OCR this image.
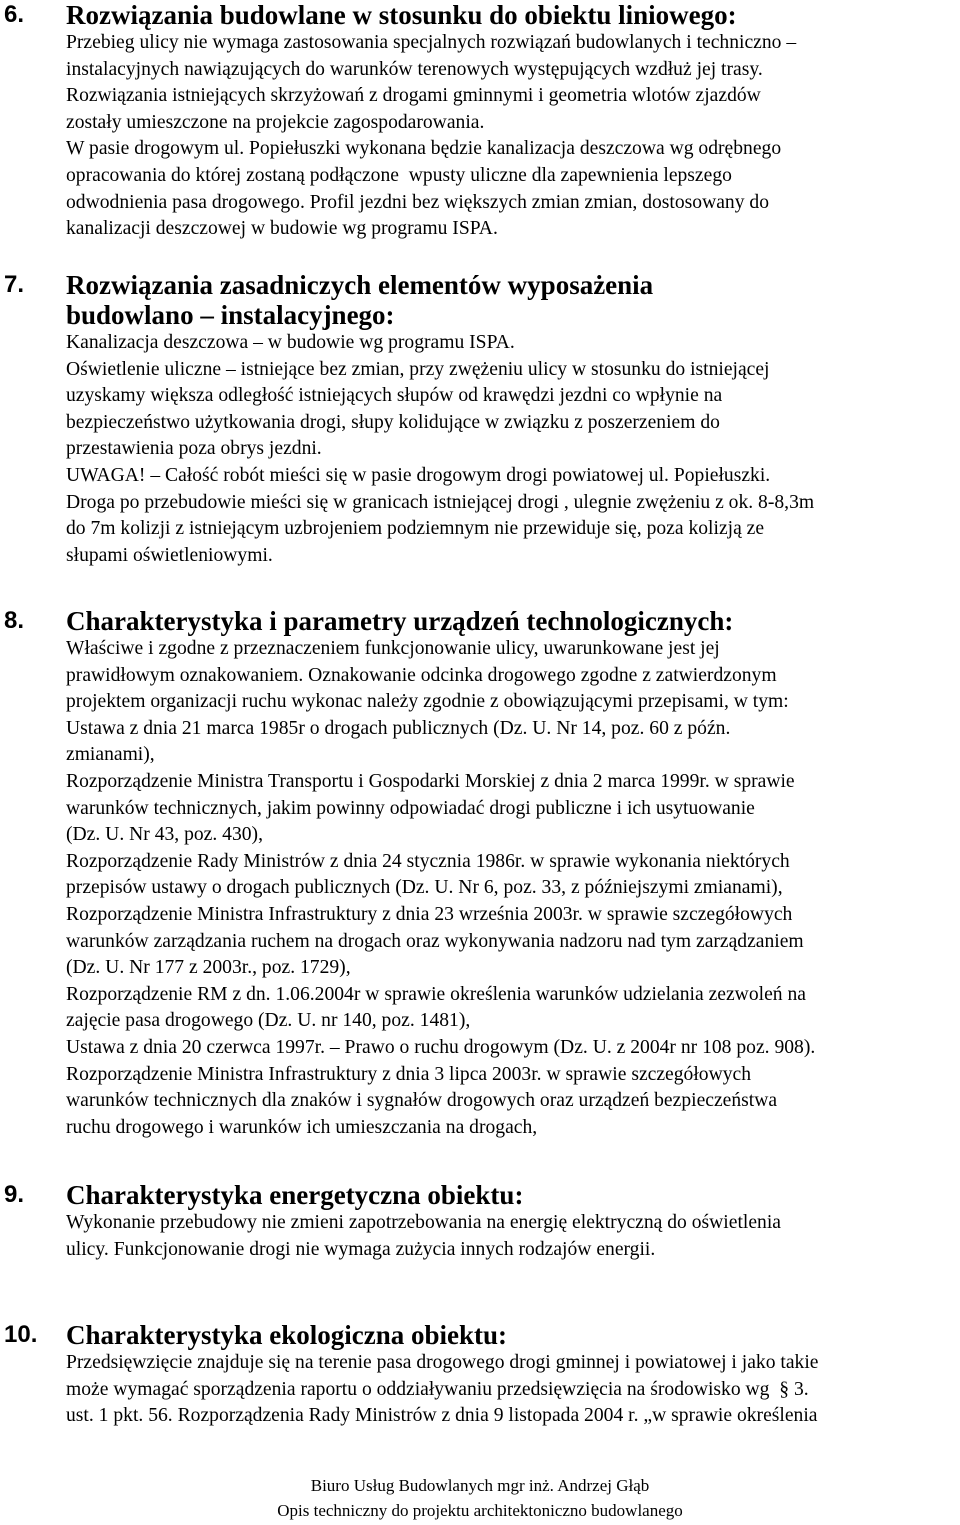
6. Rozwiązania budowlane w stosunku do obiektu liniowego:
Przebieg ulicy nie wymaga zastosowania specjalnych rozwiązań budowlanych i techniczno –
instalacyjnych nawiązujących do warunków terenowych występujących wzdłuż jej trasy.
Rozwiązania istniejących skrzyżowań z drogami gminnymi i geometria wlotów zjazdów
zostały umieszczone na projekcie zagospodarowania.
W pasie drogowym ul. Popiełuszki wykonana będzie kanalizacja deszczowa wg odrębnego
opracowania do której zostaną podłączone  wpusty uliczne dla zapewnienia lepszego
odwodnienia pasa drogowego. Profil jezdni bez większych zmian zmian, dostosowany do
kanalizacji deszczowej w budowie wg programu ISPA.
7. Rozwiązania zasadniczych elementów wyposażenia
budowlano – instalacyjnego:
Kanalizacja deszczowa – w budowie wg programu ISPA.
Oświetlenie uliczne – istniejące bez zmian, przy zwężeniu ulicy w stosunku do istniejącej
uzyskamy większa odległość istniejących słupów od krawędzi jezdni co wpłynie na
bezpieczeństwo użytkowania drogi, słupy kolidujące w związku z poszerzeniem do
przestawienia poza obrys jezdni.
UWAGA! – Całość robót mieści się w pasie drogowym drogi powiatowej ul. Popiełuszki.
Droga po przebudowie mieści się w granicach istniejącej drogi , ulegnie zwężeniu z ok. 8-8,3m
do 7m kolizji z istniejącym uzbrojeniem podziemnym nie przewiduje się, poza kolizją ze
słupami oświetleniowymi.
8. Charakterystyka i parametry urządzeń technologicznych:
Właściwe i zgodne z przeznaczeniem funkcjonowanie ulicy, uwarunkowane jest jej
prawidłowym oznakowaniem. Oznakowanie odcinka drogowego zgodne z zatwierdzonym
projektem organizacji ruchu wykonac należy zgodnie z obowiązującymi przepisami, w tym:
Ustawa z dnia 21 marca 1985r o drogach publicznych (Dz. U. Nr 14, poz. 60 z późn.
zmianami),
Rozporządzenie Ministra Transportu i Gospodarki Morskiej z dnia 2 marca 1999r. w sprawie
warunków technicznych, jakim powinny odpowiadać drogi publiczne i ich usytuowanie
(Dz. U. Nr 43, poz. 430),
Rozporządzenie Rady Ministrów z dnia 24 stycznia 1986r. w sprawie wykonania niektórych
przepisów ustawy o drogach publicznych (Dz. U. Nr 6, poz. 33, z późniejszymi zmianami),
Rozporządzenie Ministra Infrastruktury z dnia 23 września 2003r. w sprawie szczegółowych
warunków zarządzania ruchem na drogach oraz wykonywania nadzoru nad tym zarządzaniem
(Dz. U. Nr 177 z 2003r., poz. 1729),
Rozporządzenie RM z dn. 1.06.2004r w sprawie określenia warunków udzielania zezwoleń na
zajęcie pasa drogowego (Dz. U. nr 140, poz. 1481),
Ustawa z dnia 20 czerwca 1997r. – Prawo o ruchu drogowym (Dz. U. z 2004r nr 108 poz. 908).
Rozporządzenie Ministra Infrastruktury z dnia 3 lipca 2003r. w sprawie szczegółowych
warunków technicznych dla znaków i sygnałów drogowych oraz urządzeń bezpieczeństwa
ruchu drogowego i warunków ich umieszczania na drogach,
9. Charakterystyka energetyczna obiektu:
Wykonanie przebudowy nie zmieni zapotrzebowania na energię elektryczną do oświetlenia
ulicy. Funkcjonowanie drogi nie wymaga zużycia innych rodzajów energii.
10. Charakterystyka ekologiczna obiektu:
Przedsięwzięcie znajduje się na terenie pasa drogowego drogi gminnej i powiatowej i jako takie
może wymagać sporządzenia raportu o oddziaływaniu przedsięwzięcia na środowisko wg  § 3.
ust. 1 pkt. 56. Rozporządzenia Rady Ministrów z dnia 9 listopada 2004 r. „w sprawie określenia
Biuro Usług Budowlanych mgr inż. Andrzej Głąb
Opis techniczny do projektu architektoniczno budowlanego
